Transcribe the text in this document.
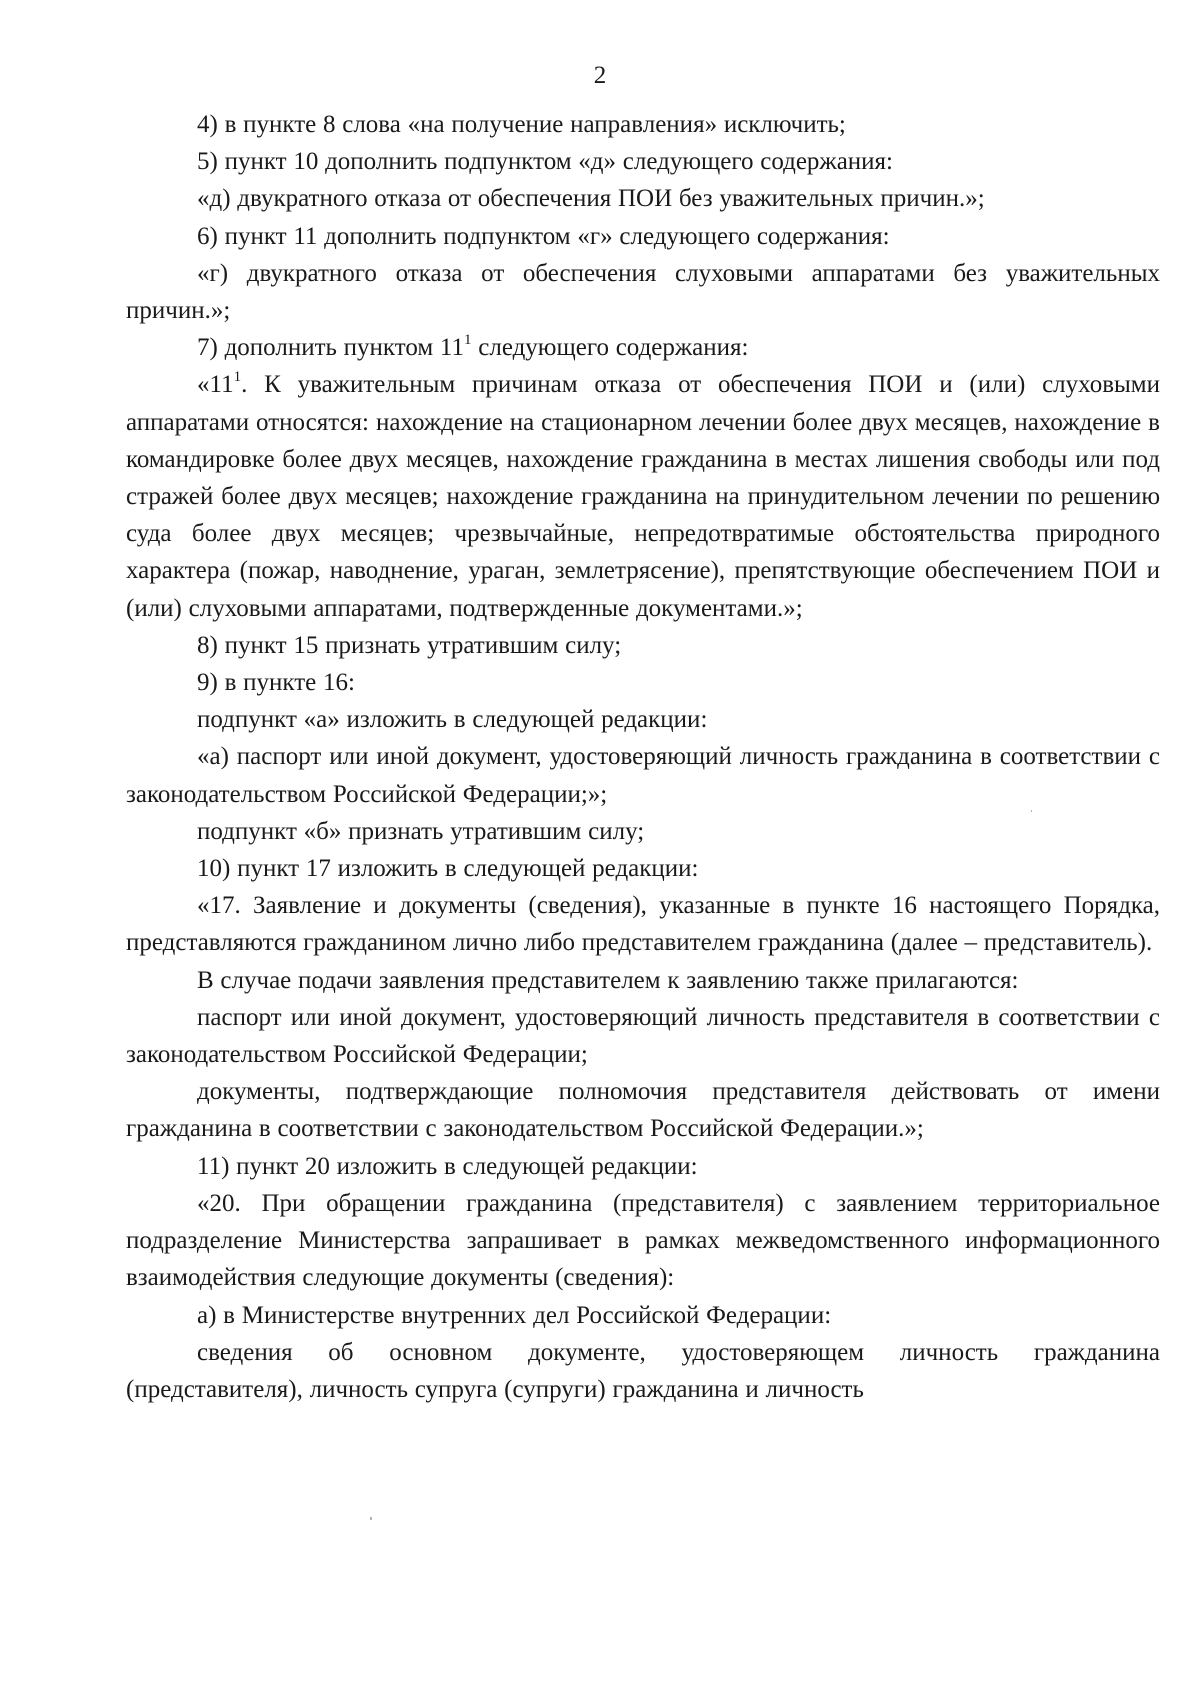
2

4) в пункте 8 слова «на получение направления» исключить;

5) пункт 10 дополнить подпунктом «д» следующего содержания:

«д) двукратного отказа от обеспечения ПОИ без уважительных причин.»;

6) пункт 11 дополнить подпунктом «г» следующего содержания:

«г) двукратного отказа от обеспечения слуховыми аппаратами без уважительных причин.»;

7) дополнить пунктом $11^1$ следующего содержания:

«$11^1$. К уважительным причинам отказа от обеспечения ПОИ и (или) слуховыми аппаратами относятся: нахождение на стационарном лечении более двух месяцев, нахождение в командировке более двух месяцев, нахождение гражданина в местах лишения свободы или под стражей более двух месяцев; нахождение гражданина на принудительном лечении по решению суда более двух месяцев; чрезвычайные, непредотвратимые обстоятельства природного характера (пожар, наводнение, ураган, землетрясение), препятствующие обеспечением ПОИ и (или) слуховыми аппаратами, подтвержденные документами.»;

8) пункт 15 признать утратившим силу;

9) в пункте 16:

подпункт «а» изложить в следующей редакции:

«а) паспорт или иной документ, удостоверяющий личность гражданина в соответствии с законодательством Российской Федерации;»;

подпункт «б» признать утратившим силу;

10) пункт 17 изложить в следующей редакции:

«17. Заявление и документы (сведения), указанные в пункте 16 настоящего Порядка, представляются гражданином лично либо представителем гражданина (далее – представитель).

В случае подачи заявления представителем к заявлению также прилагаются:

паспорт или иной документ, удостоверяющий личность представителя в соответствии с законодательством Российской Федерации;

документы, подтверждающие полномочия представителя действовать от имени гражданина в соответствии с законодательством Российской Федерации.»;

11) пункт 20 изложить в следующей редакции:

«20. При обращении гражданина (представителя) с заявлением территориальное подразделение Министерства запрашивает в рамках межведомственного информационного взаимодействия следующие документы (сведения):

а) в Министерстве внутренних дел Российской Федерации:

сведения об основном документе, удостоверяющем личность гражданина (представителя), личность супруга (супруги) гражданина и личность
